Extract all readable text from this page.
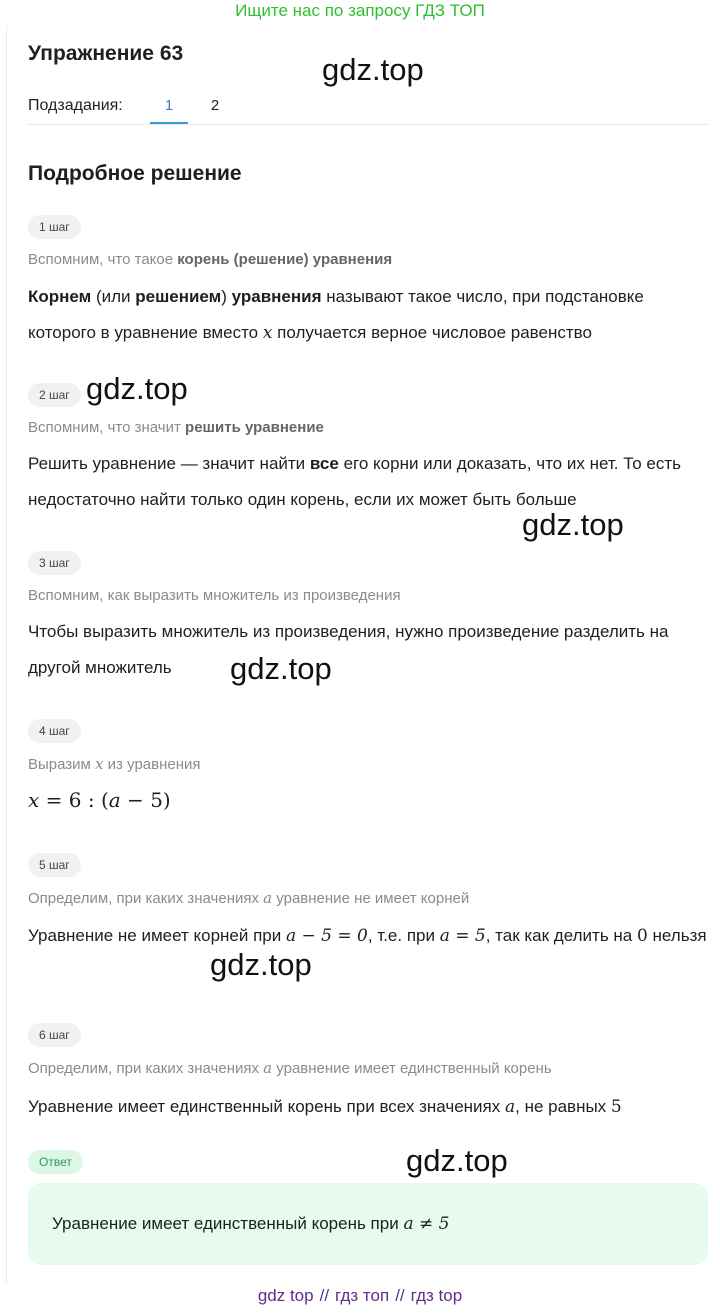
Ищите нас по запросу ГДЗ ТОП
Упражнение 63
Подзадания:	1	2
Подробное решение
1 шаг
Вспомним, что такое корень (решение) уравнения
Корнем (или решением) уравнения называют такое число, при подстановке которого в уравнение вместо x получается верное числовое равенство
2 шаг
Вспомним, что значит решить уравнение
Решить уравнение — значит найти все его корни или доказать, что их нет. То есть недостаточно найти только один корень, если их может быть больше
3 шаг
Вспомним, как выразить множитель из произведения
Чтобы выразить множитель из произведения, нужно произведение разделить на другой множитель
4 шаг
Выразим x из уравнения
x = 6 : (a − 5)
5 шаг
Определим, при каких значениях a уравнение не имеет корней
Уравнение не имеет корней при a − 5 = 0, т.е. при a = 5, так как делить на 0 нельзя
6 шаг
Определим, при каких значениях a уравнение имеет единственный корень
Уравнение имеет единственный корень при всех значениях a, не равных 5
Ответ
Уравнение имеет единственный корень при a ≠ 5
gdz.top
gdz.top
gdz.top
gdz.top
gdz.top
gdz.top
gdz top // гдз топ // гдз top
